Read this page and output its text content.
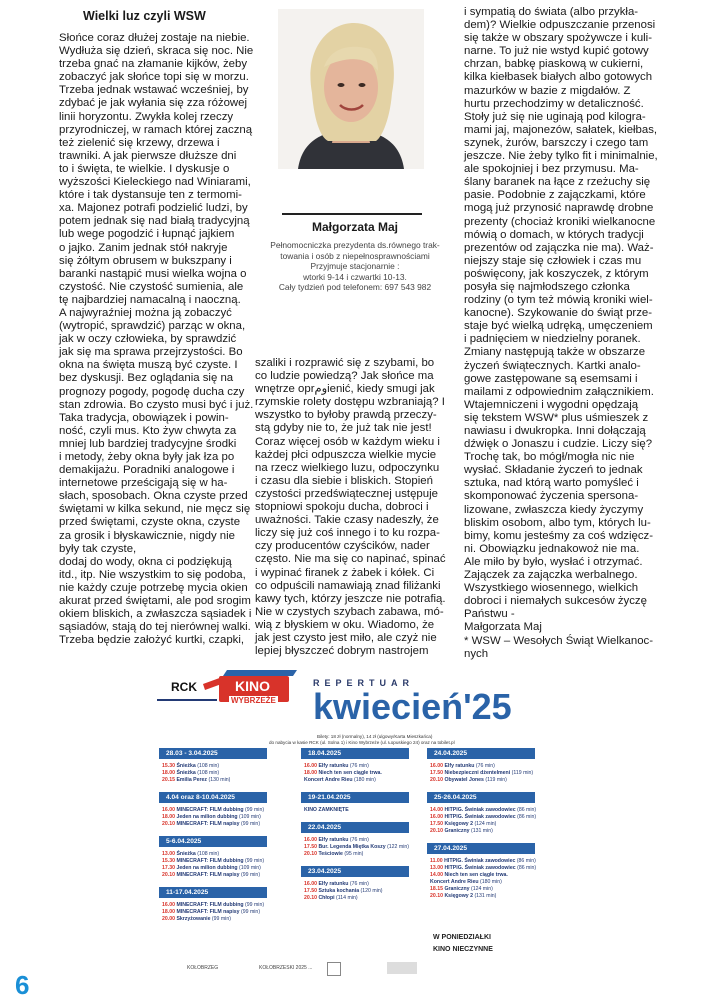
Wielki luz czyli WSW

Słońce coraz dłużej zostaje na niebie.

Wydłuża się dzień, skraca się noc. Nie

trzeba gnać na złamanie kijków, żeby

zobaczyć jak słońce topi się w morzu.

Trzeba jednak wstawać wcześniej, by

zdybać je jak wyłania się zza różowej

linii horyzontu. Zwykła kolej rzeczy

przyrodniczej, w ramach której zaczną

też zielenić się krzewy, drzewa i

trawniki. A jak pierwsze dłuższe dni

to i święta, te wielkie. I dyskusje o

wyższości Kieleckiego nad Winiarami,

które i tak dystansuje ten z termomi-

xa. Majonez potrafi podzielić ludzi, by

potem jednak się nad białą tradycyjną

lub wege pogodzić i łupnąć jajkiem

o jajko. Zanim jednak stół nakryje

się żółtym obrusem w bukszpany i

baranki nastąpić musi wielka wojna o

czystość. Nie czystość sumienia, ale

tę najbardziej namacalną i naoczną.

A najwyraźniej można ją zobaczyć

(wytropić, sprawdzić) parząc w okna,

jak w oczy człowieka, by sprawdzić

jak się ma sprawa przejrzystości. Bo

okna na święta muszą być czyste. I

bez dyskusji. Bez oglądania się na

prognozy pogody, pogodę ducha czy

stan zdrowia. Bo czysto musi być i już.

Taka tradycja, obowiązek i powin-

ność, czyli mus. Kto żyw chwyta za

mniej lub bardziej tradycyjne środki

i metody, żeby okna były jak łza po

demakijażu. Poradniki analogowe i

internetowe prześcigają się w ha-

słach, sposobach. Okna czyste przed

świętami w kilka sekund, nie męcz się

przed świętami, czyste okna, czyste

za grosik i błyskawicznie, nigdy nie

były tak czyste,

dodaj do wody, okna ci podziękują

itd., itp. Nie wszystkim to się podoba,

nie każdy czuje potrzebę mycia okien

akurat przed świętami, ale pod srogim

okiem bliskich, a zwłaszcza sąsiadek i

sąsiadów, stają do tej nierównej walki.

Trzeba będzie założyć kurtki, czapki,

szaliki i rozprawić się z szybami, bo

co ludzie powiedzą? Jak słońce ma

wnętrze oprومienić, kiedy smugi jak

rzymskie rolety dostępu wzbraniają? I

wszystko to byłoby prawdą przeczy-

stą gdyby nie to, że już tak nie jest!

Coraz więcej osób w każdym wieku i

każdej płci odpuszcza wielkie mycie

na rzecz wielkiego luzu, odpoczynku

i czasu dla siebie i bliskich. Stopień

czystości przedświątecznej ustępuje

stopniowi spokoju ducha, dobroci i

uważności. Takie czasy nadeszły, że

liczy się już coś innego i to ku rozpa-

czy producentów czyścików, nader

często. Nie ma się co napinać, spinać

i wypinać firanek z żabek i kółek. Ci

co odpuścili namawiają znad filiżanki

kawy tych, którzy jeszcze nie potrafią.

Nie w czystych szybach zabawa, mó-

wią z błyskiem w oku. Wiadomo, że

jak jest czysto jest miło, ale czyż nie

lepiej błyszczeć dobrym nastrojem

i sympatią do świata (albo przykła-

dem)? Wielkie odpuszczanie przenosi

się także w obszary spożywcze i kuli-

narne. To już nie wstyd kupić gotowy

chrzan, babkę piaskową w cukierni,

kilka kiełbasek białych albo gotowych

mazurków w bazie z migdałów. Z

hurtu przechodzimy w detaliczność.

Stoły już się nie uginają pod kilogra-

mami jaj, majonezów, sałatek, kiełbas,

szynek, żurów, barszczy i czego tam

jeszcze. Nie żeby tylko fit i minimalnie,

ale spokojniej i bez przymusu. Ma-

ślany baranek na łące z rzeżuchy się

pasie. Podobnie z zajączkami, które

mogą już przynosić naprawdę drobne

prezenty (chociaż kroniki wielkanocne

mówią o domach, w których tradycji

prezentów od zajączka nie ma). Waż-

niejszy staje się człowiek i czas mu

poświęcony, jak koszyczek, z którym

posyła się najmłodszego członka

rodziny (o tym też mówią kroniki wiel-

kanocne). Szykowanie do świąt prze-

staje być wielką udręką, umęczeniem

i padnięciem w niedzielny poranek.

Zmiany następują także w obszarze

życzeń świątecznych. Kartki analo-

gowe zastępowane są esemsami i

mailami z odpowiednim załącznikiem.

Wtajemniczeni i wygodni opędzają

się tekstem WSW* plus uśmieszek z

nawiasu i dwukropka. Inni dołączają

dźwięk o Jonaszu i cudzie. Liczy się?

Trochę tak, bo mógł/mogła nic nie

wysłać. Składanie życzeń to jednak

sztuka, nad którą warto pomyśleć i

skomponować życzenia spersona-

lizowane, zwłaszcza kiedy życzymy

bliskim osobom, albo tym, których lu-

bimy, komu jesteśmy za coś wdzięcz-

ni. Obowiązku jednakowoż nie ma.

Ale miło by było, wysłać i otrzymać.

Zajączek za zajączka werbalnego.

Wszystkiego wiosennego, wielkich

dobroci i niemałych sukcesów życzę

Państwu -

Małgorzata Maj

* WSW – Wesołych Świąt Wielkanoc-

nych

Małgorzata Maj

Pełnomocniczka prezydenta ds.równego trak-

towania i osób z niepełnosprawnościami

Przyjmuje stacjonarnie :

wtorki 9-14 i czwartki 10-13.

Cały tydzień pod telefonem: 697 543 982

RCK	KINO
WYBRZEŻE
REPERTUAR
kwiecień'25
Bilety: 18 zł (normalny), 14 zł (ulgowy/Karta Mieszkańca)
do nabycia w kasie RCK (ul. Solna 1) i Kino Wybrzeże (ul. Łopuskiego 24) oraz na tobilet.pl
28.03 - 3.04.2025
15.30 Śnieżka (108 min)
18.00 Śnieżka (108 min)
20.15 Emilia Perez (130 min)
4.04 oraz 8-10.04.2025
16.00 MINECRAFT: FILM dubbing (99 min)
18.00 Jeden na milion dubbing (109 min)
20.10 MINECRAFT: FILM napisy (99 min)
5-6.04.2025
13.00 Śnieżka (108 min)
15.30 MINECRAFT: FILM dubbing (99 min)
17.30 Jeden na milion dubbing (109 min)
20.10 MINECRAFT: FILM napisy (99 min)
11-17.04.2025
16.00 MINECRAFT: FILM dubbing (99 min)
18.00 MINECRAFT: FILM napisy (99 min)
20.00 Skrzyżowanie (99 min)
18.04.2025
16.00 Elfy ratunku (76 min)
18.00 Niech ten sen ciągle trwa.
Koncert Andre Rieu (180 min)
19-21.04.2025
KINO ZAMKNIĘTE
22.04.2025
16.00 Elfy ratunku (76 min)
17.50 Bur. Legenda Miętka Koszy (122 min)
20.10 Teściowie (95 min)
23.04.2025
16.00 Elfy ratunku (76 min)
17.50 Sztuka kochania (120 min)
20.10 Chłopi (114 min)
24.04.2025
16.00 Elfy ratunku (76 min)
17.50 Niebezpieczni dżentelmeni (119 min)
20.10 Obywatel Jones (119 min)
25-26.04.2025
14.00 HITPIG. Świniak zawodowiec (86 min)
16.00 HITPIG. Świniak zawodowiec (86 min)
17.50 Księgowy 2 (124 min)
20.10 Graniczny (131 min)
27.04.2025
11.00 HITPIG. Świniak zawodowiec (86 min)
13.00 HITPIG. Świniak zawodowiec (86 min)
14.00 Niech ten sen ciągle trwa.
Koncert Andre Rieu (180 min)
18.15 Graniczny (124 min)
20.10 Księgowy 2 (131 min)
W PONIEDZIAŁKI
KINO NIECZYNNE
KOŁOBRZEG	KOŁOBRZESKI 2025 ...
6
